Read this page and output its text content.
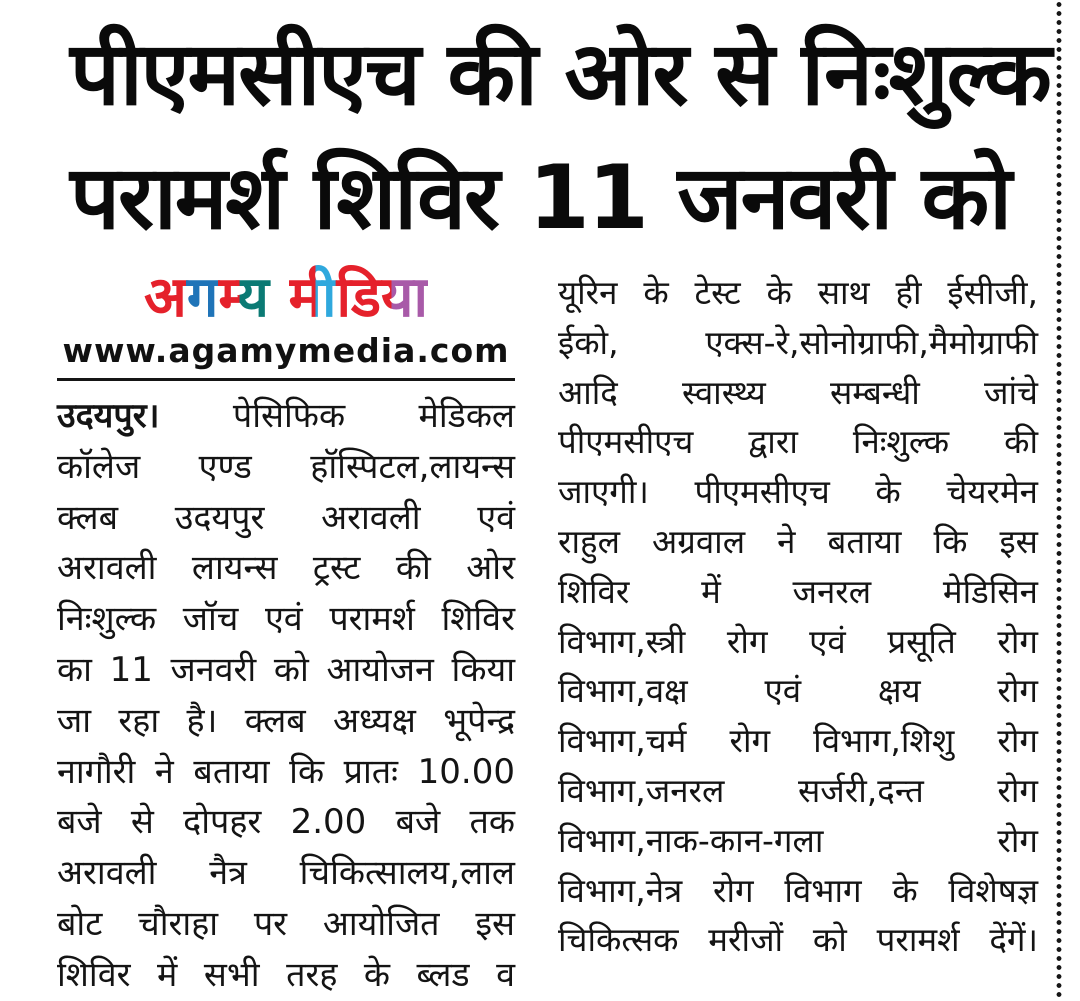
पीएमसीएच की ओर से निःशुल्क
परामर्श शिविर 11 जनवरी को
अगम्य मीडिया
www.agamymedia.com
उदयपुर। पेसिफिक मेडिकल
कॉलेज एण्ड हॉस्पिटल,लायन्स
क्लब उदयपुर अरावली एवं
अरावली लायन्स ट्रस्ट की ओर
निःशुल्क जॉच एवं परामर्श शिविर
का 11 जनवरी को आयोजन किया
जा रहा है। क्लब अध्यक्ष भूपेन्द्र
नागौरी ने बताया कि प्रातः 10.00
बजे से दोपहर 2.00 बजे तक
अरावली नैत्र चिकित्सालय,लाल
बोट चौराहा पर आयोजित इस
शिविर में सभी तरह के ब्लड व
यूरिन के टेस्ट के साथ ही ईसीजी,
ईको, एक्स-रे,सोनोग्राफी,मैमोग्राफी
आदि स्वास्थ्य सम्बन्धी जांचे
पीएमसीएच द्वारा निःशुल्क की
जाएगी। पीएमसीएच के चेयरमेन
राहुल अग्रवाल ने बताया कि इस
शिविर में जनरल मेडिसिन
विभाग,स्त्री रोग एवं प्रसूति रोग
विभाग,वक्ष एवं क्षय रोग
विभाग,चर्म रोग विभाग,शिशु रोग
विभाग,जनरल सर्जरी,दन्त रोग
विभाग,नाक-कान-गला रोग
विभाग,नेत्र रोग विभाग के विशेषज्ञ
चिकित्सक मरीजों को परामर्श देंगें।
